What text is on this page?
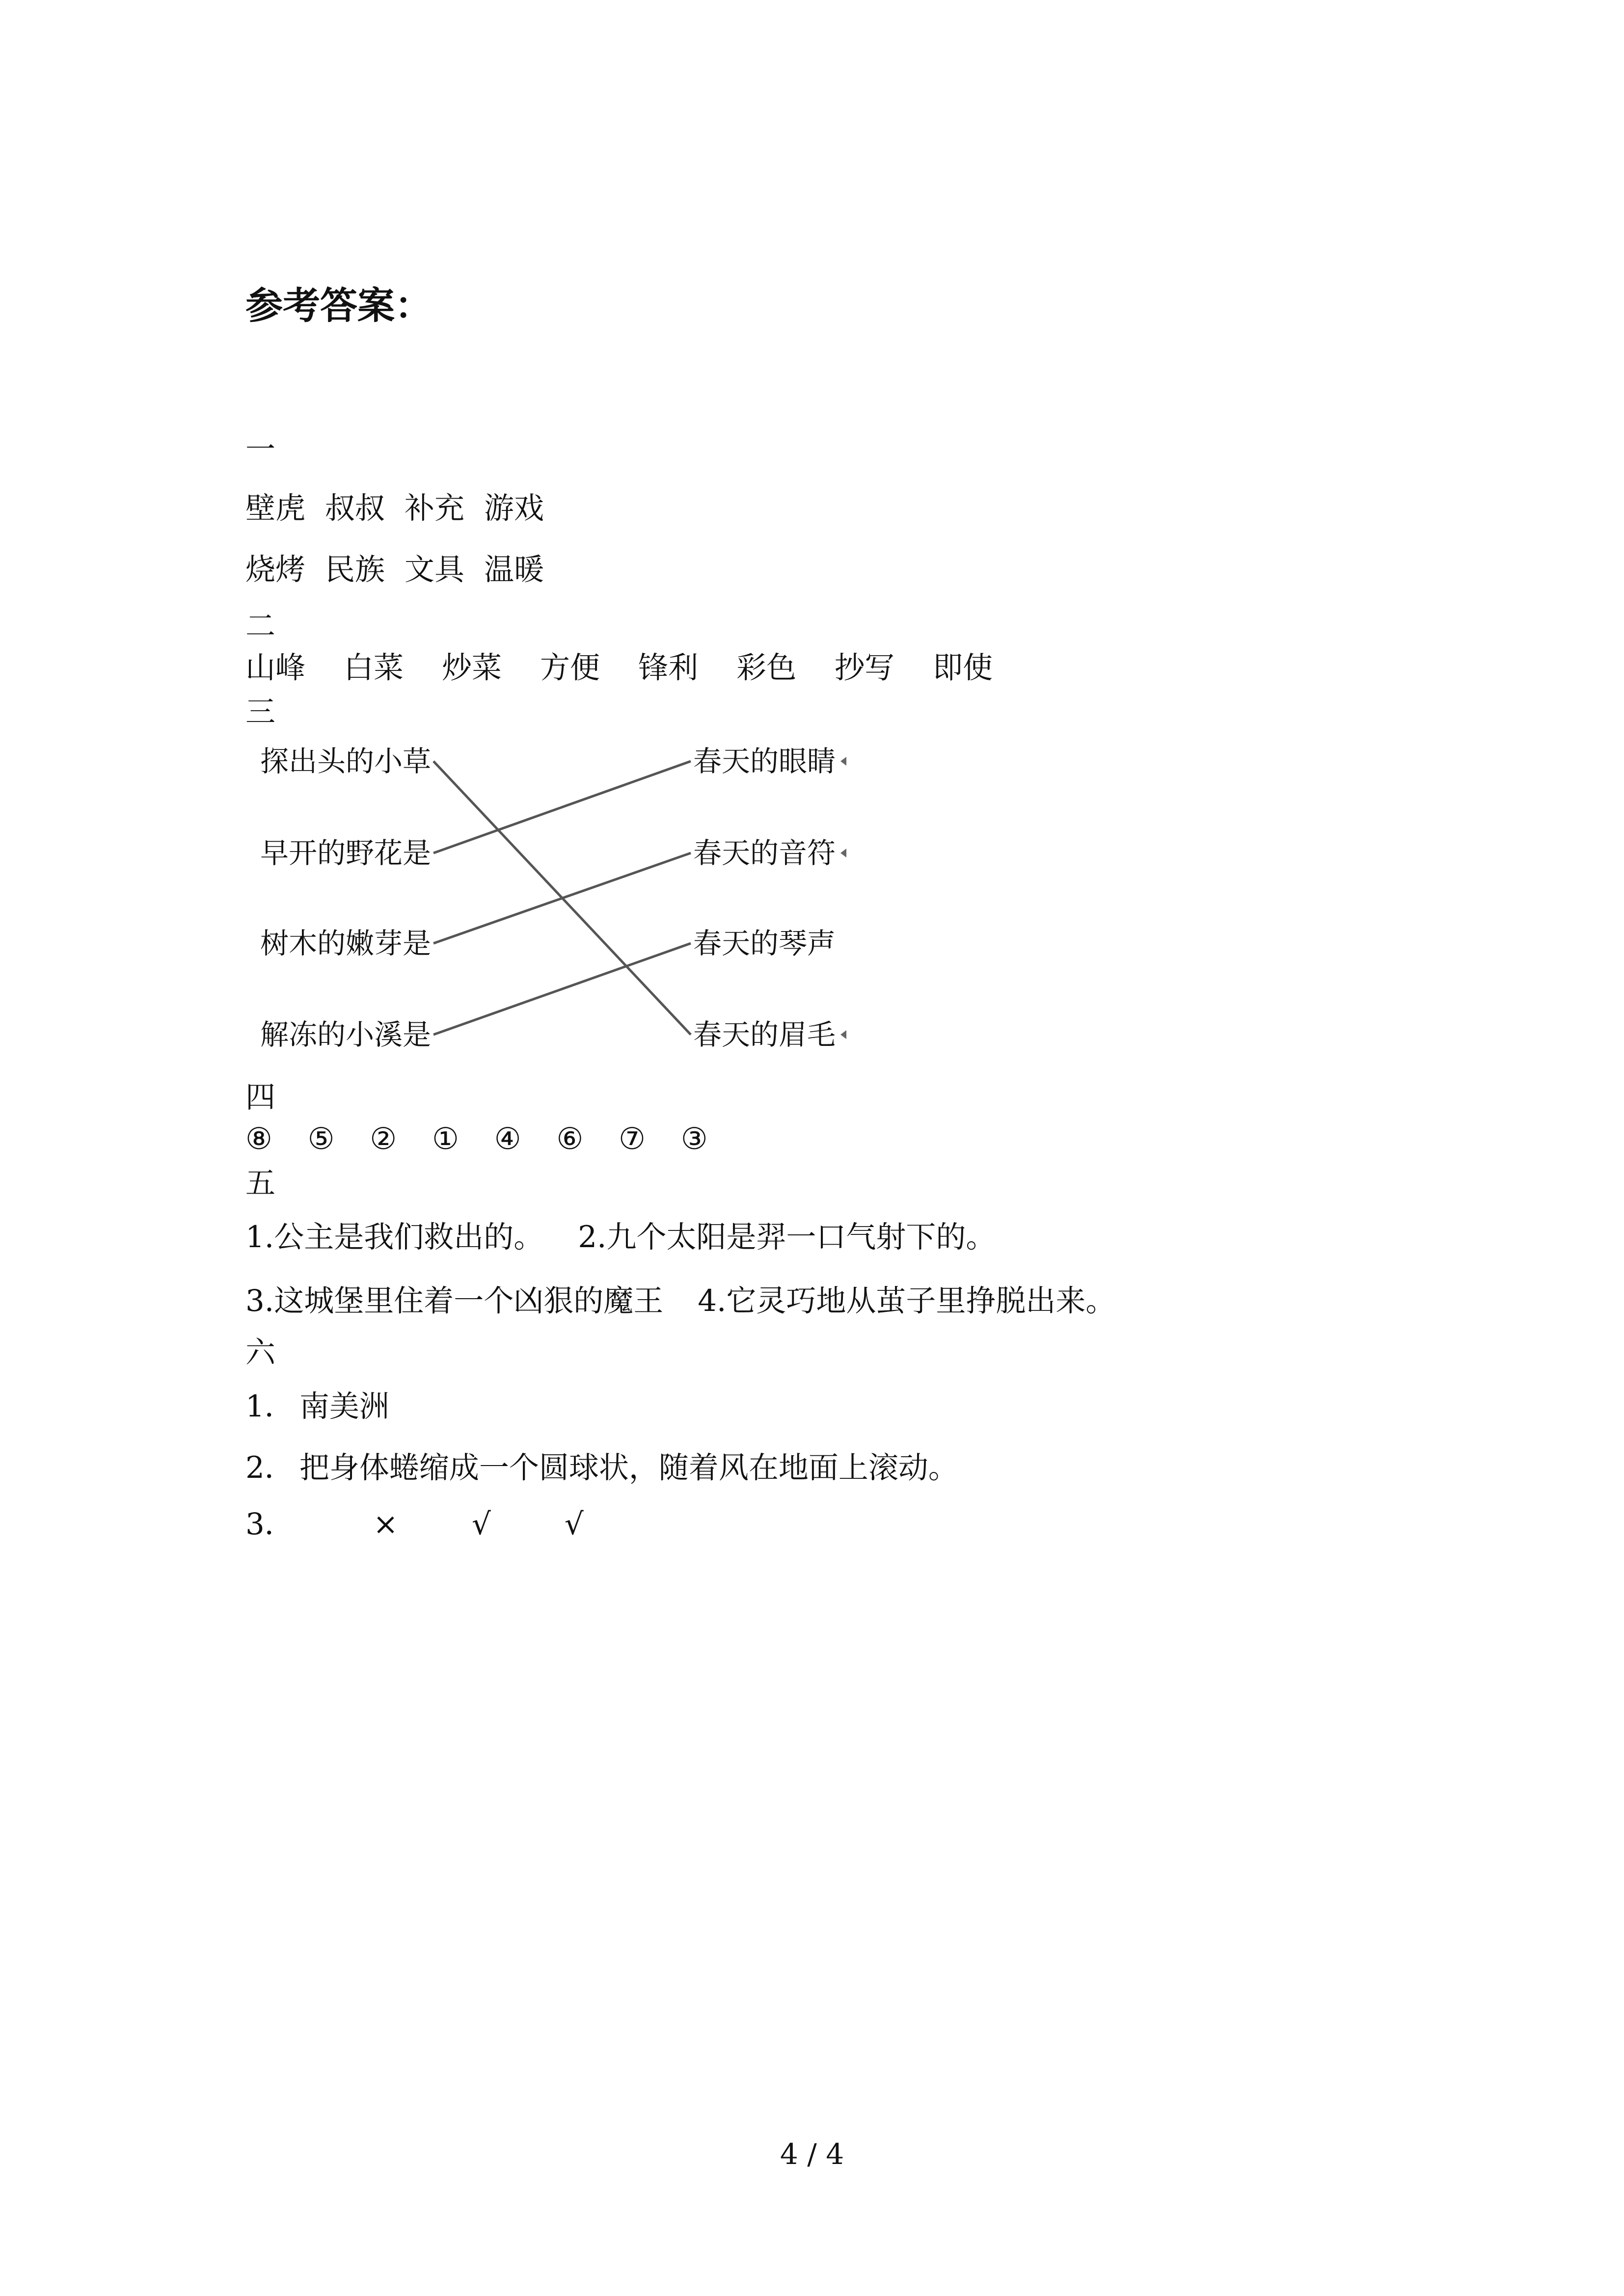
参考答案：
一
壁虎 叔叔 补充 游戏
烧烤 民族 文具 温暖
二
山峰 白菜 炒菜 方便 锋利 彩色 抄写 即使
三
探出头的小草
早开的野花是
树木的嫩芽是
解冻的小溪是
春天的眼睛
春天的音符
春天的琴声
春天的眉毛
四
⑧ ⑤ ② ① ④ ⑥ ⑦ ③
五
1.公主是我们救出的。 2.九个太阳是羿一口气射下的。
3.这城堡里住着一个凶狠的魔王 4.它灵巧地从茧子里挣脱出来。
六
1． 南美洲
2． 把身体蜷缩成一个圆球状，随着风在地面上滚动。
3．	× √ √
4 / 4
